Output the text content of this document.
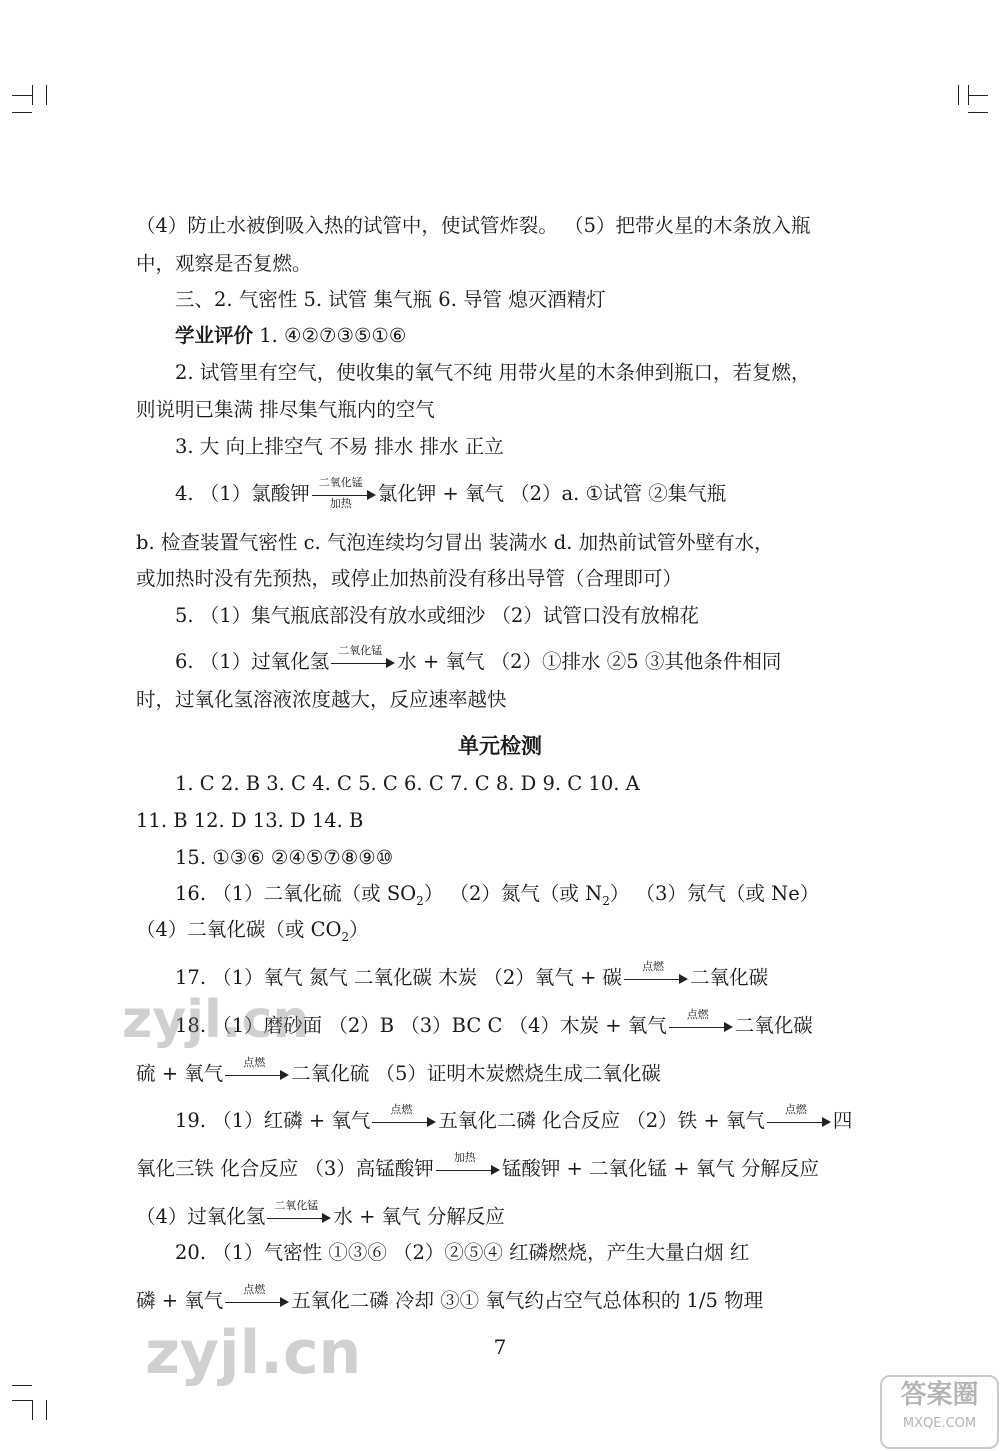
（4）防止水被倒吸入热的试管中，使试管炸裂。 （5）把带火星的木条放入瓶
中，观察是否复燃。
三、2. 气密性 5. 试管 集气瓶 6. 导管 熄灭酒精灯
学业评价 1. ④②⑦③⑤①⑥
2. 试管里有空气，使收集的氧气不纯 用带火星的木条伸到瓶口，若复燃，
则说明已集满 排尽集气瓶内的空气
3. 大 向上排空气 不易 排水 排水 正立
4. （1）氯酸钾 二氧化锰
加热	氯化钾 + 氧气 （2）a. ①试管 ②集气瓶
b. 检查装置气密性 c. 气泡连续均匀冒出 装满水 d. 加热前试管外壁有水，
或加热时没有先预热，或停止加热前没有移出导管（合理即可）
5. （1）集气瓶底部没有放水或细沙 （2）试管口没有放棉花
6. （1）过氧化氢 二氧化锰 水 + 氧气 （2）①排水 ②5 ③其他条件相同
时，过氧化氢溶液浓度越大，反应速率越快
单元检测
1. C 2. B 3. C 4. C 5. C 6. C 7. C 8. D 9. C 10. A
11. B 12. D 13. D 14. B
15. ①③⑥ ②④⑤⑦⑧⑨⑩
16. （1）二氧化硫（或 $SO_2$） （2）氮气（或 $N_2$） （3）氖气（或 Ne）
（4）二氧化碳（或 $CO_2$）
17. （1）氧气 氮气 二氧化碳 木炭 （2）氧气 + 碳	点燃	二氧化碳
18. （1）磨砂面 （2）B （3）BC C （4）木炭 + 氧气	点燃	二氧化碳
硫 + 氧气	点燃	二氧化硫 （5）证明木炭燃烧生成二氧化碳
19. （1）红磷 + 氧气	点燃	五氧化二磷 化合反应 （2）铁 + 氧气	点燃	四
氧化三铁 化合反应 （3）高锰酸钾	加热	锰酸钾 + 二氧化锰 + 氧气 分解反应
（4）过氧化氢 二氧化锰 水 + 氧气 分解反应
20. （1）气密性 ①③⑥ （2）②⑤④ 红磷燃烧，产生大量白烟 红
磷 + 氧气	点燃	五氧化二磷 冷却 ③① 氧气约占空气总体积的 1/5 物理
7
zyjl.cn
zyjl.cn
答案圈
MXQE.COM
